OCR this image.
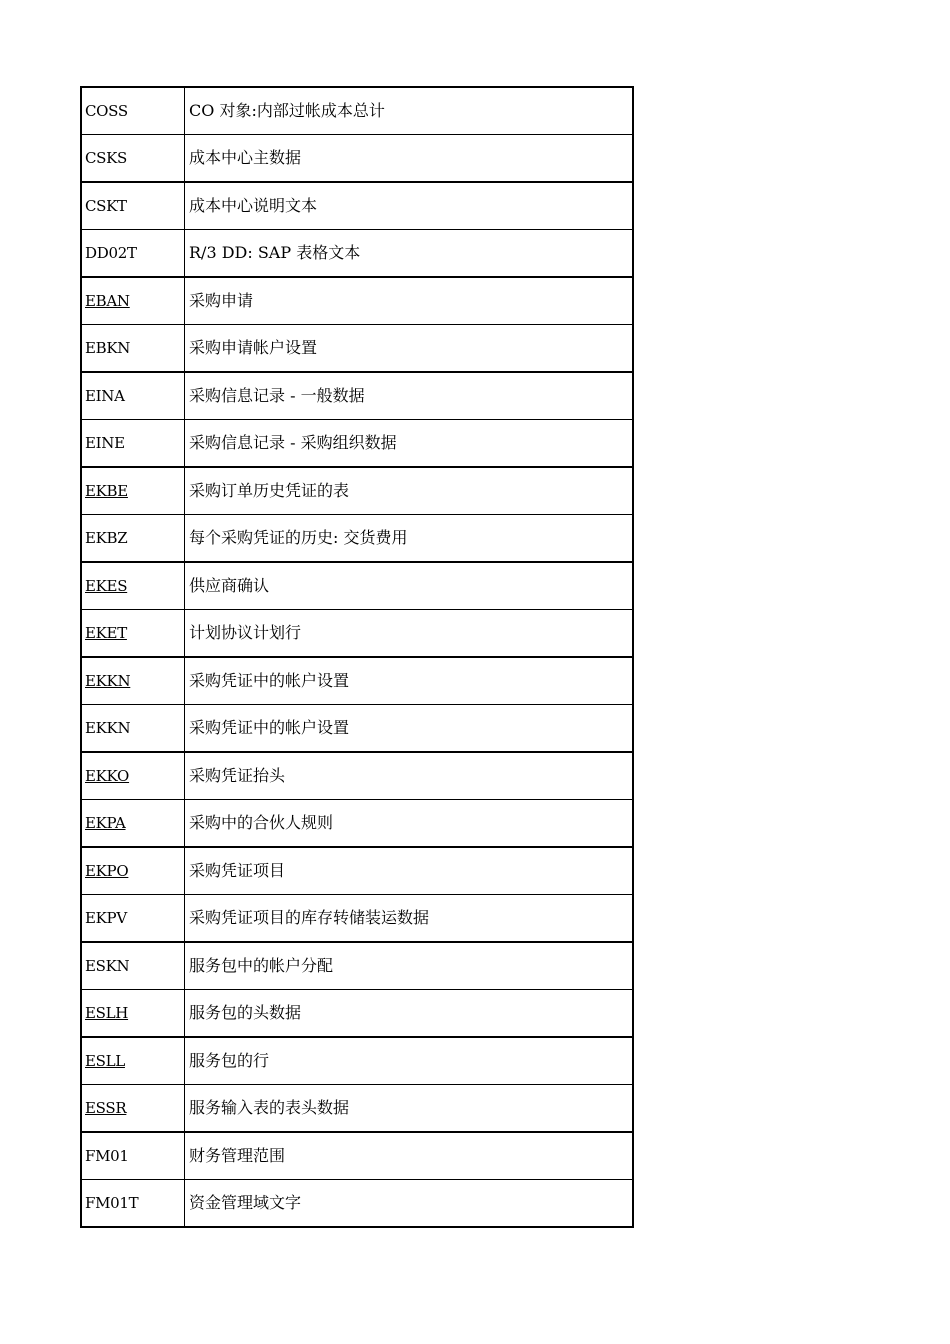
COSS	CO 对象:内部过帐成本总计
CSKS	成本中心主数据
CSKT	成本中心说明文本
DD02T	R/3 DD: SAP 表格文本
EBAN	采购申请
EBKN	采购申请帐户设置
EINA	采购信息记录 - 一般数据
EINE	采购信息记录 - 采购组织数据
EKBE	采购订单历史凭证的表
EKBZ	每个采购凭证的历史: 交货费用
EKES	供应商确认
EKET	计划协议计划行
EKKN	采购凭证中的帐户设置
EKKN	采购凭证中的帐户设置
EKKO	采购凭证抬头
EKPA	采购中的合伙人规则
EKPO	采购凭证项目
EKPV	采购凭证项目的库存转储装运数据
ESKN	服务包中的帐户分配
ESLH	服务包的头数据
ESLL	服务包的行
ESSR	服务输入表的表头数据
FM01	财务管理范围
FM01T	资金管理域文字
